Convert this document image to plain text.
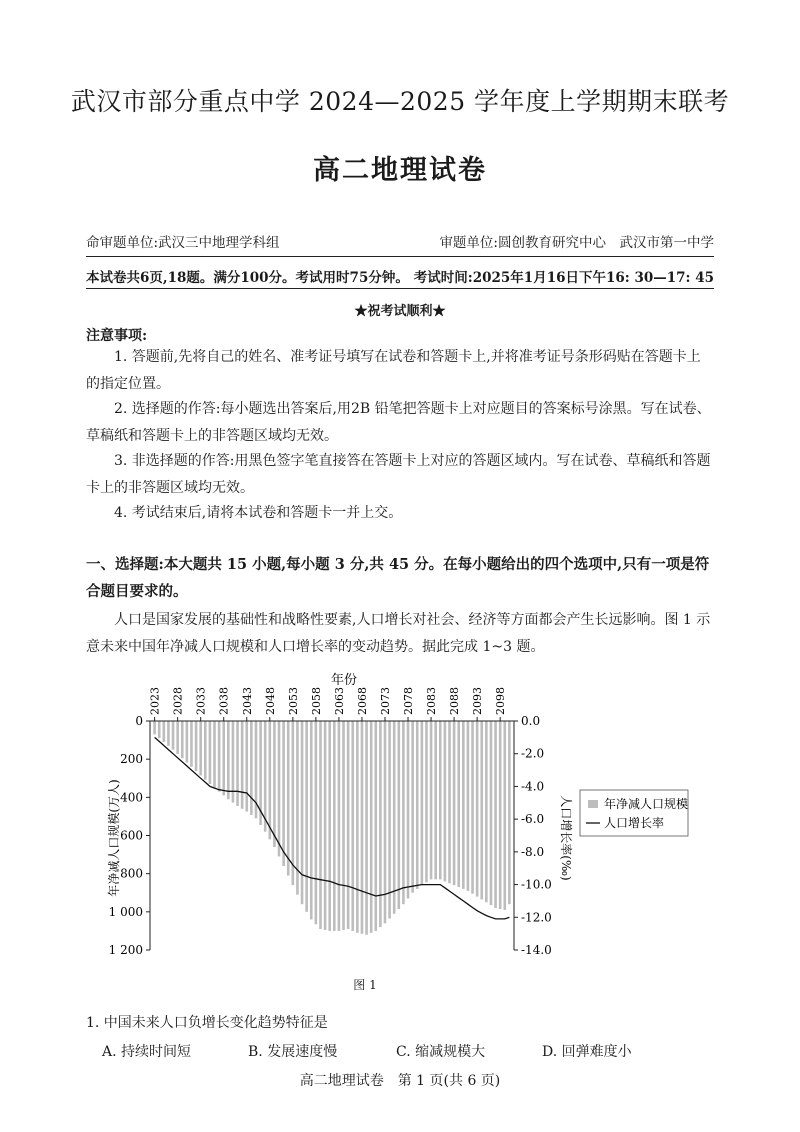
武汉市部分重点中学 2024—2025 学年度上学期期末联考
高二地理试卷
命审题单位:武汉三中地理学科组	审题单位:圆创教育研究中心　武汉市第一中学
本试卷共6页,18题。满分100分。考试用时75分钟。 考试时间:2025年1月16日下午16: 30—17: 45
★祝考试顺利★
注意事项:
1. 答题前,先将自己的姓名、准考证号填写在试卷和答题卡上,并将准考证号条形码贴在答题卡上的指定位置。
2. 选择题的作答:每小题选出答案后,用2B 铅笔把答题卡上对应题目的答案标号涂黑。写在试卷、草稿纸和答题卡上的非答题区域均无效。
3. 非选择题的作答:用黑色签字笔直接答在答题卡上对应的答题区域内。写在试卷、草稿纸和答题卡上的非答题区域均无效。
4. 考试结束后,请将本试卷和答题卡一并上交。
一、选择题:本大题共 15 小题,每小题 3 分,共 45 分。在每小题给出的四个选项中,只有一项是符合题目要求的。
人口是国家发展的基础性和战略性要素,人口增长对社会、经济等方面都会产生长远影响。图 1 示意未来中国年净减人口规模和人口增长率的变动趋势。据此完成 1~3 题。
年份
2023 2028 2033 2038 2043 2048 2053 2058 2063 2068 2073 2078 2083 2088 2093 2098
0
200
400
600
800
1 000
1 200
0.0
-2.0
-4.0
-6.0
-8.0
-10.0
-12.0
-14.0
年净减人口规模(万人)	人口增长率(‰)	年净减人口规模
人口增长率
图 1
1. 中国未来人口负增长变化趋势特征是
A. 持续时间短	B. 发展速度慢	C. 缩减规模大	D. 回弹难度小
高二地理试卷　第 1 页(共 6 页)
